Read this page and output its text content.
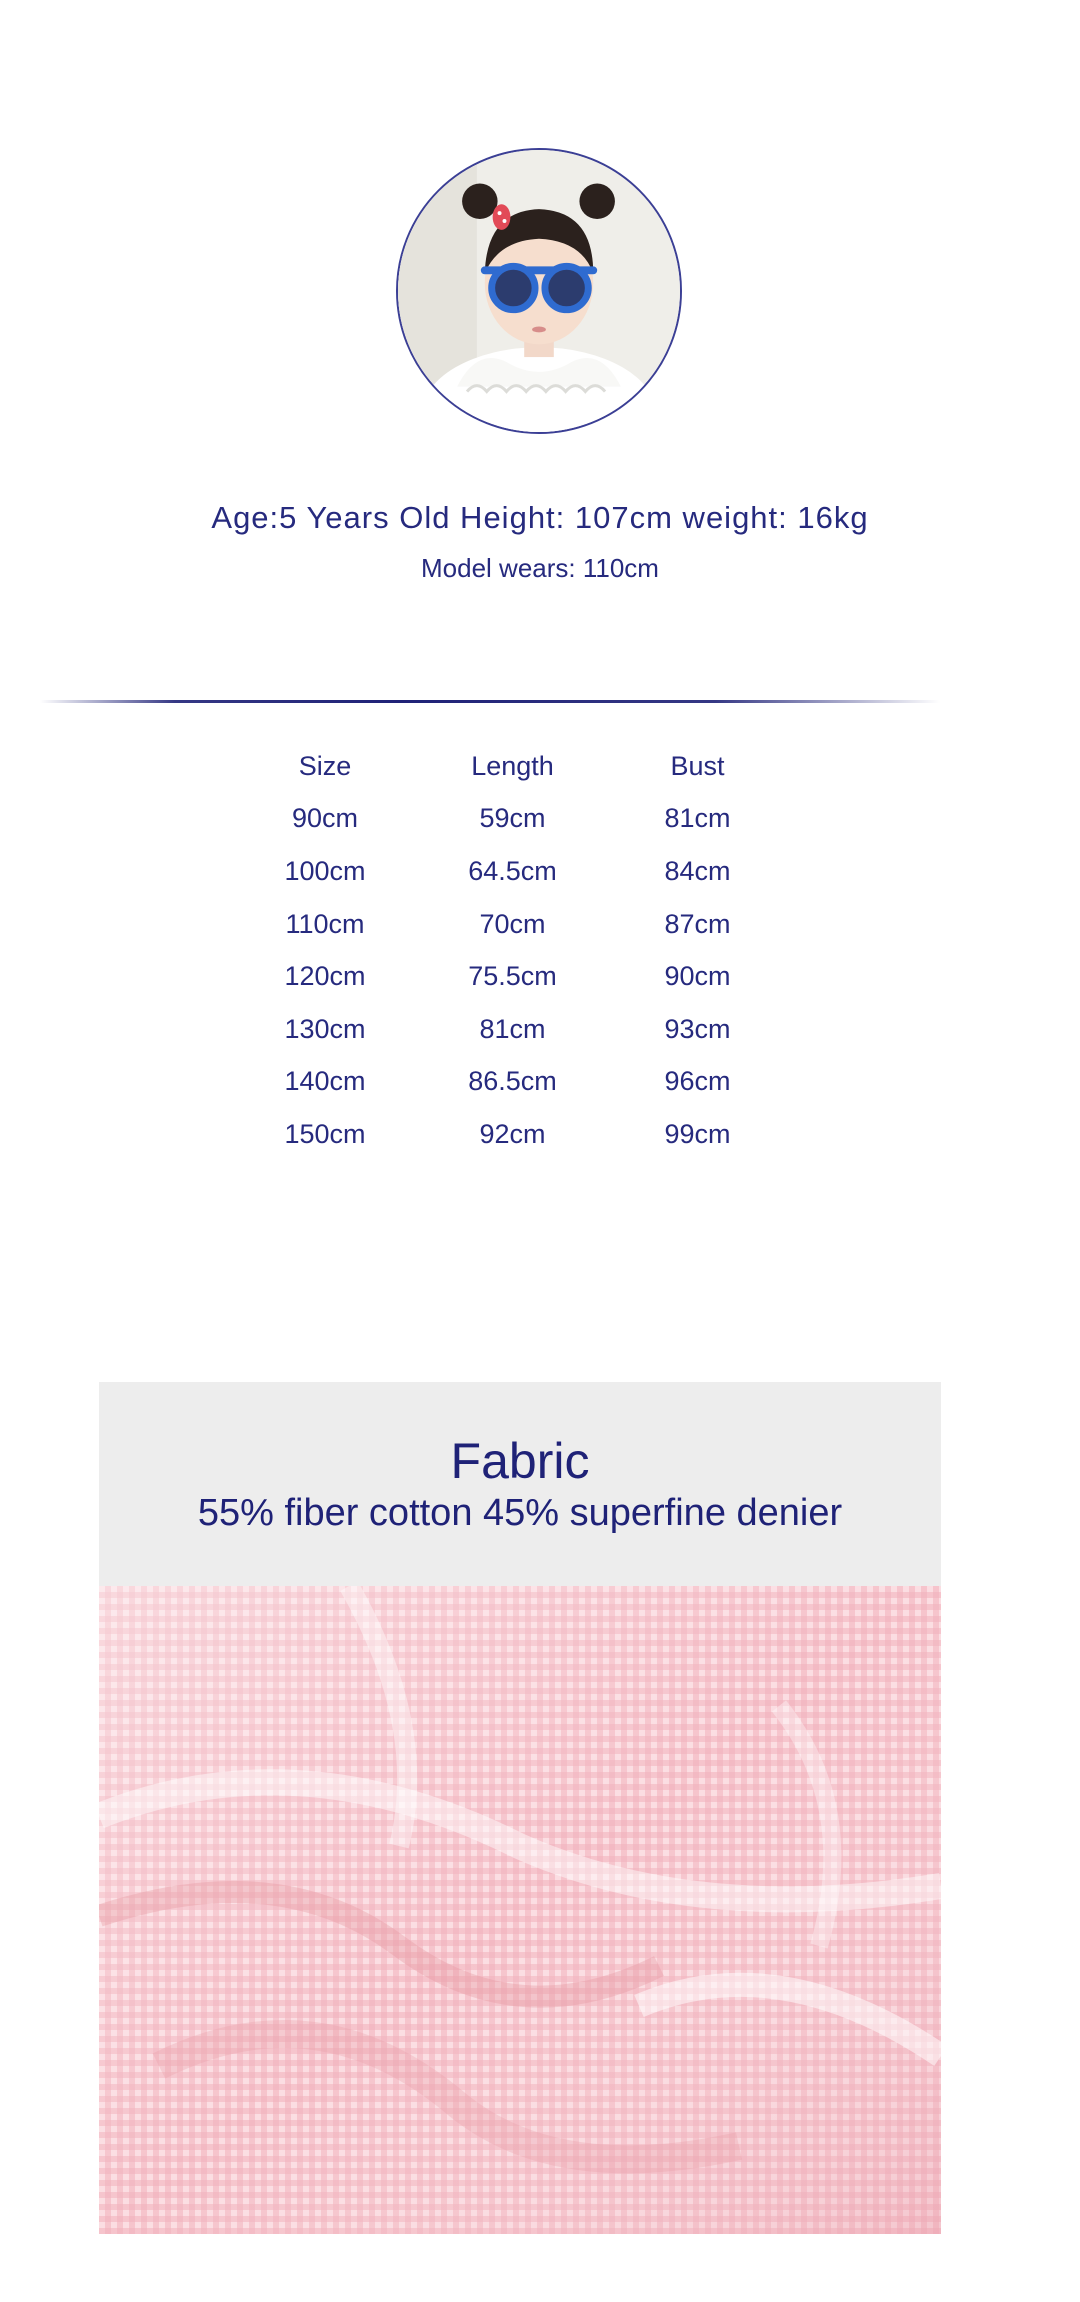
Age:5 Years Old Height: 107cm weight: 16kg
Model wears: 110cm
Size	Length	Bust
90cm	59cm	81cm
100cm	64.5cm	84cm
110cm	70cm	87cm
120cm	75.5cm	90cm
130cm	81cm	93cm
140cm	86.5cm	96cm
150cm	92cm	99cm
Fabric
55% fiber cotton 45% superfine denier
